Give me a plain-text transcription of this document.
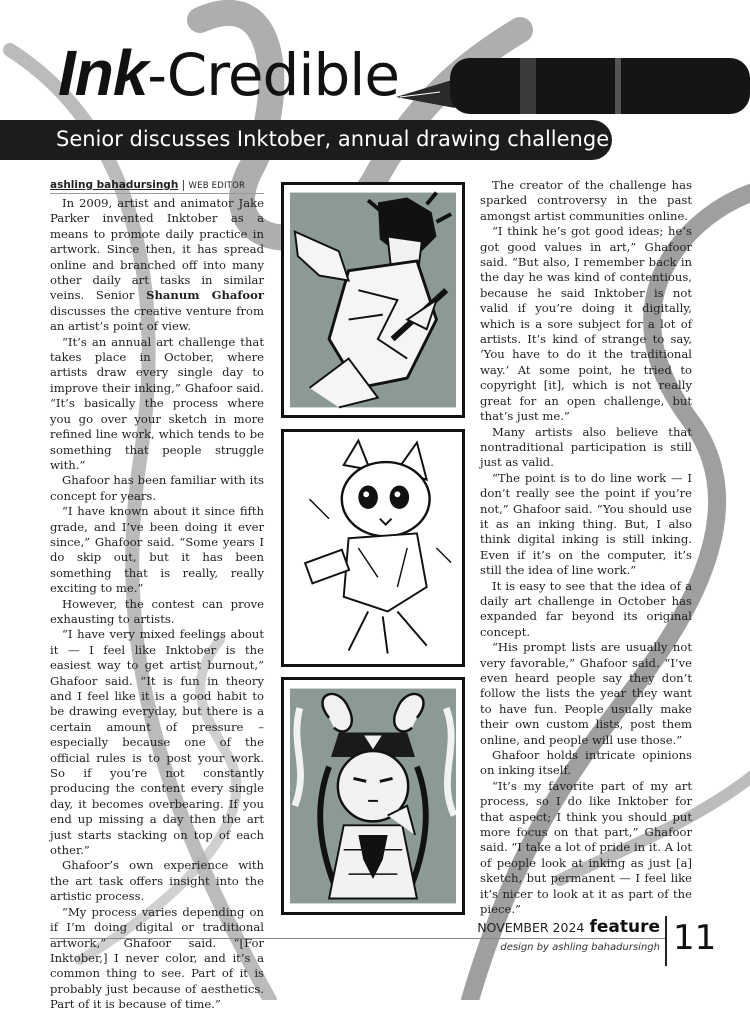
Ink-Credible
Senior discusses Inktober, annual drawing challenge
ashling bahadursingh | WEB EDITOR

In 2009, artist and animator Jake Parker invented Inktober as a means to promote daily practice in artwork. Since then, it has spread online and branched off into many other daily art tasks in similar veins. Senior Shanum Ghafoor discusses the creative venture from an artist’s point of view.

“It’s an annual art challenge that takes place in October, where artists draw every single day to improve their inking,” Ghafoor said. “It’s basically the process where you go over your sketch in more refined line work, which tends to be something that people struggle with.”

Ghafoor has been familiar with its concept for years.

“I have known about it since fifth grade, and I’ve been doing it ever since,” Ghafoor said. “Some years I do skip out, but it has been something that is really, really exciting to me.”

However, the contest can prove exhausting to artists.

“I have very mixed feelings about it — I feel like Inktober is the easiest way to get artist burnout,” Ghafoor said. “It is fun in theory and I feel like it is a good habit to be drawing everyday, but there is a certain amount of pressure – especially because one of the official rules is to post your work. So if you’re not constantly producing the content every single day, it becomes overbearing. If you end up missing a day then the art just starts stacking on top of each other.”

Ghafoor’s own experience with the art task offers insight into the artistic process.

“My process varies depending on if I’m doing digital or traditional artwork,” Ghafoor said. “[For Inktober,] I never color, and it’s a common thing to see. Part of it is probably just because of aesthetics. Part of it is because of time.”

The creator of the challenge has sparked controversy in the past amongst artist communities online.

“I think he’s got good ideas; he’s got good values in art,” Ghafoor said. “But also, I remember back in the day he was kind of contentious, because he said Inktober is not valid if you’re doing it digitally, which is a sore subject for a lot of artists. It’s kind of strange to say, ‘You have to do it the traditional way.’ At some point, he tried to copyright [it], which is not really great for an open challenge, but that’s just me.”

Many artists also believe that nontraditional participation is still just as valid.

“The point is to do line work — I don’t really see the point if you’re not,” Ghafoor said. “You should use it as an inking thing. But, I also think digital inking is still inking. Even if it’s on the computer, it’s still the idea of line work.”

It is easy to see that the idea of a daily art challenge in October has expanded far beyond its original concept.

“His prompt lists are usually not very favorable,” Ghafoor said. “I’ve even heard people say they don’t follow the lists the year they want to have fun. People usually make their own custom lists, post them online, and people will use those.”

Ghafoor holds intricate opinions on inking itself.

“It’s my favorite part of my art process, so I do like Inktober for that aspect; I think you should put more focus on that part,” Ghafoor said. “I take a lot of pride in it. A lot of people look at inking as just [a] sketch, but permanent — I feel like it’s nicer to look at it as part of the piece.”

NOVEMBER 2024 feature
design by ashling bahadursingh 11
